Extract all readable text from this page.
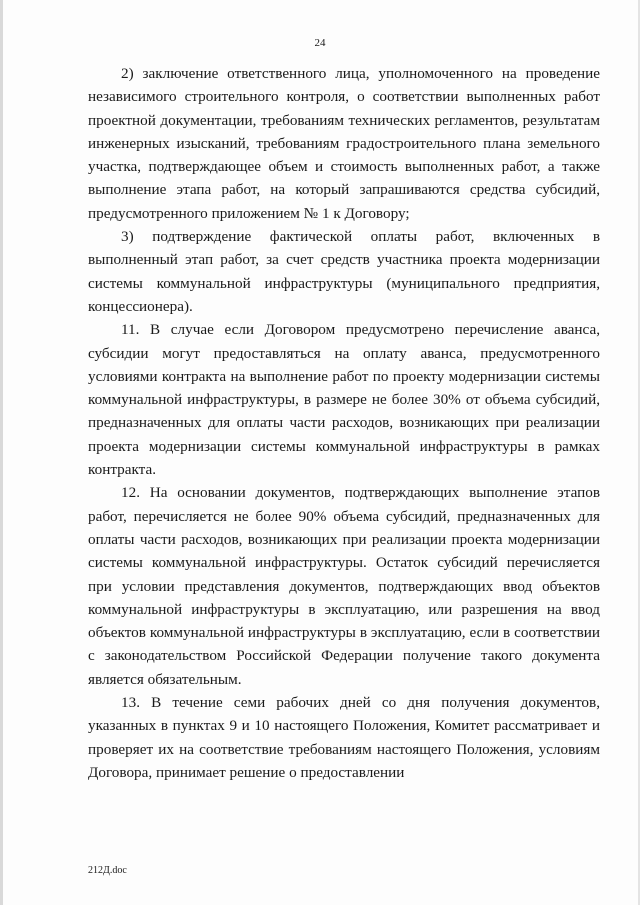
24

2) заключение ответственного лица, уполномоченного на проведение независимого строительного контроля, о соответствии выполненных работ проектной документации, требованиям технических регламентов, результатам инженерных изысканий, требованиям градостроительного плана земельного участка, подтверждающее объем и стоимость выполненных работ, а также выполнение этапа работ, на который запрашиваются средства субсидий, предусмотренного приложением № 1 к Договору;

3) подтверждение фактической оплаты работ, включенных в выполненный этап работ, за счет средств участника проекта модернизации системы коммунальной инфраструктуры (муниципального предприятия, концессионера).

11. В случае если Договором предусмотрено перечисление аванса, субсидии могут предоставляться на оплату аванса, предусмотренного условиями контракта на выполнение работ по проекту модернизации системы коммунальной инфраструктуры, в размере не более 30% от объема субсидий, предназначенных для оплаты части расходов, возникающих при реализации проекта модернизации системы коммунальной инфраструктуры в рамках контракта.

12. На основании документов, подтверждающих выполнение этапов работ, перечисляется не более 90% объема субсидий, предназначенных для оплаты части расходов, возникающих при реализации проекта модернизации системы коммунальной инфраструктуры. Остаток субсидий перечисляется при условии представления документов, подтверждающих ввод объектов коммунальной инфраструктуры в эксплуатацию, или разрешения на ввод объектов коммунальной инфраструктуры в эксплуатацию, если в соответствии с законодательством Российской Федерации получение такого документа является обязательным.

13. В течение семи рабочих дней со дня получения документов, указанных в пунктах 9 и 10 настоящего Положения, Комитет рассматривает и проверяет их на соответствие требованиям настоящего Положения, условиям Договора, принимает решение о предоставлении

212Д.doc
